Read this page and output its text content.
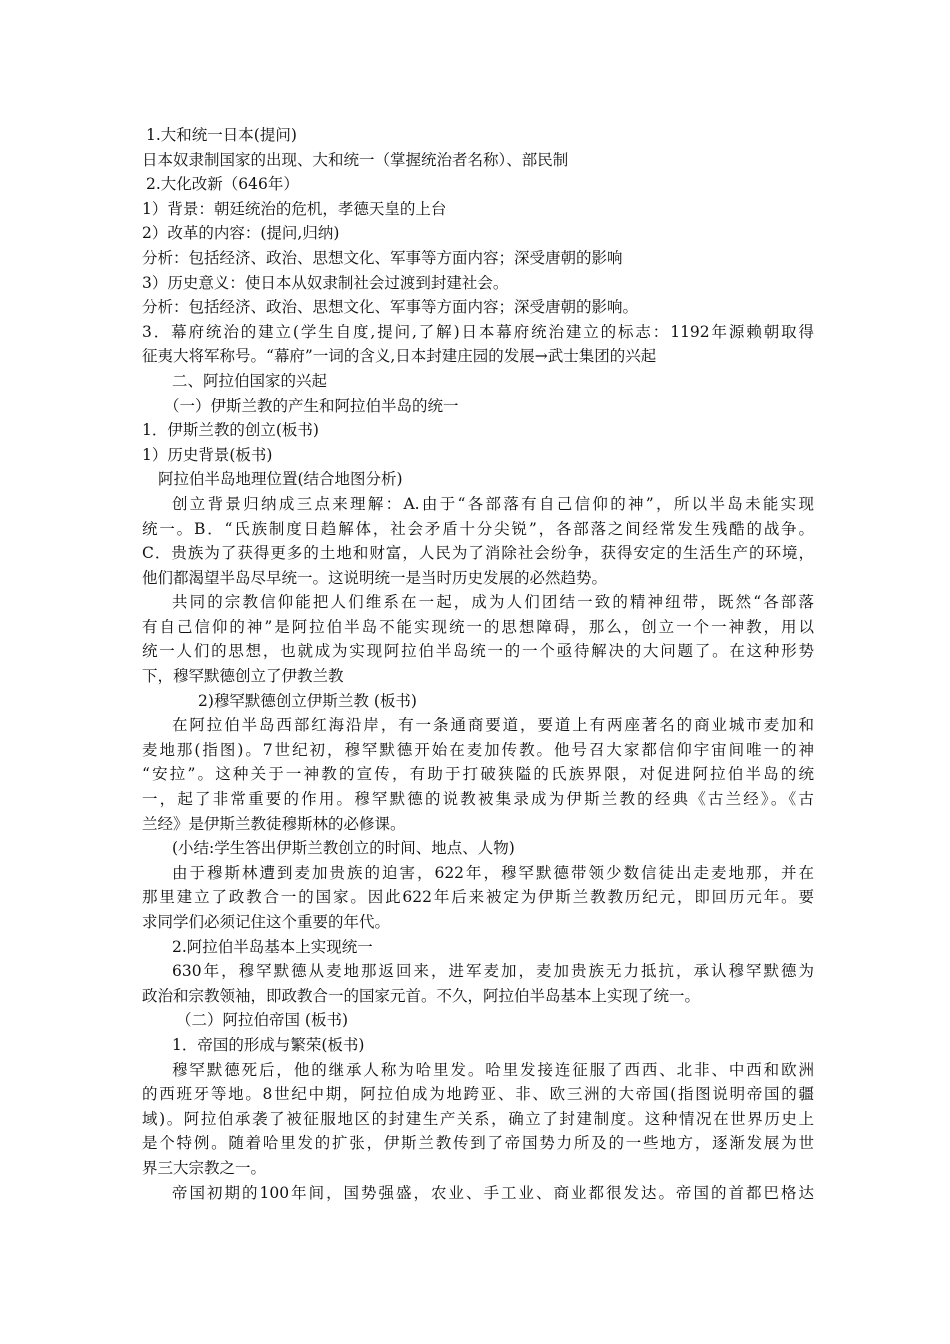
1.大和统一日本(提问)
日本奴隶制国家的出现、大和统一（掌握统治者名称）、部民制
2.大化改新（646年）
1）背景：朝廷统治的危机，孝德天皇的上台
2）改革的内容：(提问,归纳)
分析：包括经济、政治、思想文化、军事等方面内容；深受唐朝的影响
3）历史意义：使日本从奴隶制社会过渡到封建社会。
分析：包括经济、政治、思想文化、军事等方面内容；深受唐朝的影响。
3．幕府统治的建立(学生自度,提问,了解)日本幕府统治建立的标志：1192年源赖朝取得
征夷大将军称号。“幕府”一词的含义,日本封建庄园的发展→武士集团的兴起
二、阿拉伯国家的兴起
（一）伊斯兰教的产生和阿拉伯半岛的统一
1．伊斯兰教的创立(板书)
1）历史背景(板书)
阿拉伯半岛地理位置(结合地图分析)
创立背景归纳成三点来理解：A.由于“各部落有自己信仰的神”，所以半岛未能实现
统一。B．“氏族制度日趋解体，社会矛盾十分尖锐”，各部落之间经常发生残酷的战争。
C．贵族为了获得更多的土地和财富，人民为了消除社会纷争，获得安定的生活生产的环境，
他们都渴望半岛尽早统一。这说明统一是当时历史发展的必然趋势。
共同的宗教信仰能把人们维系在一起，成为人们团结一致的精神纽带，既然“各部落
有自己信仰的神”是阿拉伯半岛不能实现统一的思想障碍，那么，创立一个一神教，用以
统一人们的思想，也就成为实现阿拉伯半岛统一的一个亟待解决的大问题了。在这种形势
下，穆罕默德创立了伊教兰教
2)穆罕默德创立伊斯兰教 (板书)
在阿拉伯半岛西部红海沿岸，有一条通商要道，要道上有两座著名的商业城市麦加和
麦地那(指图)。7世纪初，穆罕默德开始在麦加传教。他号召大家都信仰宇宙间唯一的神
“安拉”。这种关于一神教的宣传，有助于打破狭隘的氏族界限，对促进阿拉伯半岛的统
一，起了非常重要的作用。穆罕默德的说教被集录成为伊斯兰教的经典《古兰经》。《古
兰经》是伊斯兰教徒穆斯林的必修课。
(小结:学生答出伊斯兰教创立的时间、地点、人物)
由于穆斯林遭到麦加贵族的迫害，622年，穆罕默德带领少数信徒出走麦地那，并在
那里建立了政教合一的国家。因此622年后来被定为伊斯兰教教历纪元，即回历元年。要
求同学们必须记住这个重要的年代。
2.阿拉伯半岛基本上实现统一
630年，穆罕默德从麦地那返回来，进军麦加，麦加贵族无力抵抗，承认穆罕默德为
政治和宗教领袖，即政教合一的国家元首。不久，阿拉伯半岛基本上实现了统一。
（二）阿拉伯帝国 (板书)
1．帝国的形成与繁荣(板书)
穆罕默德死后，他的继承人称为哈里发。哈里发接连征服了西西、北非、中西和欧洲
的西班牙等地。8世纪中期，阿拉伯成为地跨亚、非、欧三洲的大帝国(指图说明帝国的疆
域)。阿拉伯承袭了被征服地区的封建生产关系，确立了封建制度。这种情况在世界历史上
是个特例。随着哈里发的扩张，伊斯兰教传到了帝国势力所及的一些地方，逐渐发展为世
界三大宗教之一。
帝国初期的100年间，国势强盛，农业、手工业、商业都很发达。帝国的首都巴格达
